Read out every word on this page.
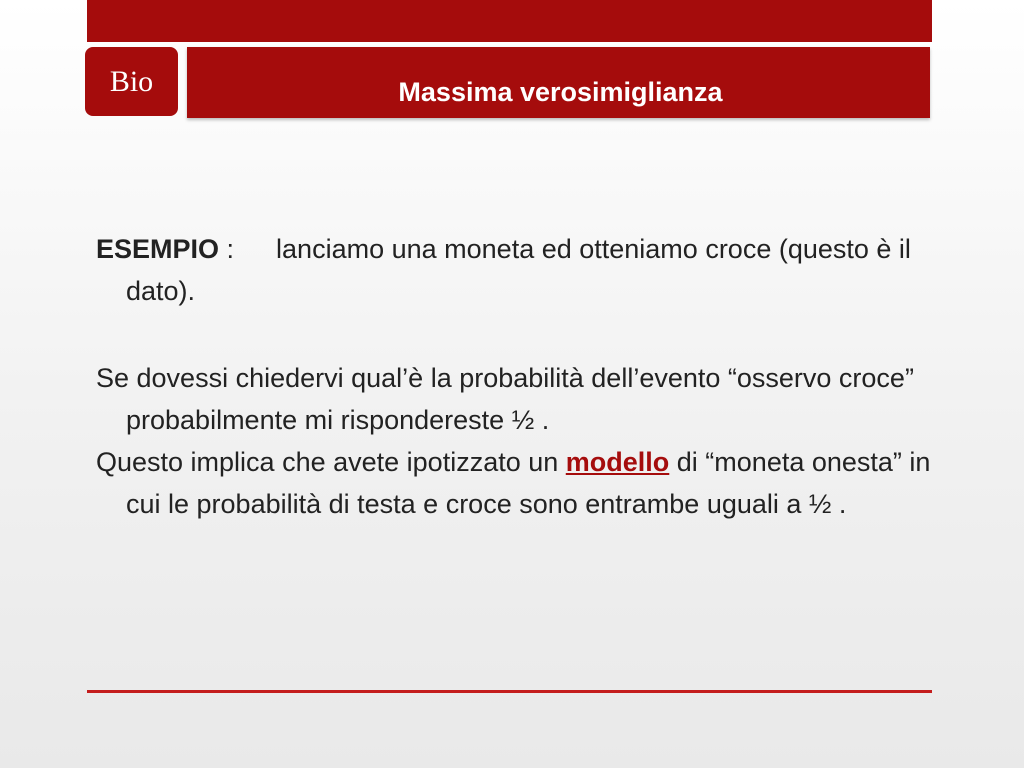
Bio	Massima verosimiglianza

ESEMPIO : lanciamo una moneta ed otteniamo croce (questo è il dato).

Se dovessi chiedervi qual’è la probabilità dell’evento “osservo croce” probabilmente mi rispondereste ½ .

Questo implica che avete ipotizzato un modello di “moneta onesta” in cui le probabilità di testa e croce sono entrambe uguali a ½ .
